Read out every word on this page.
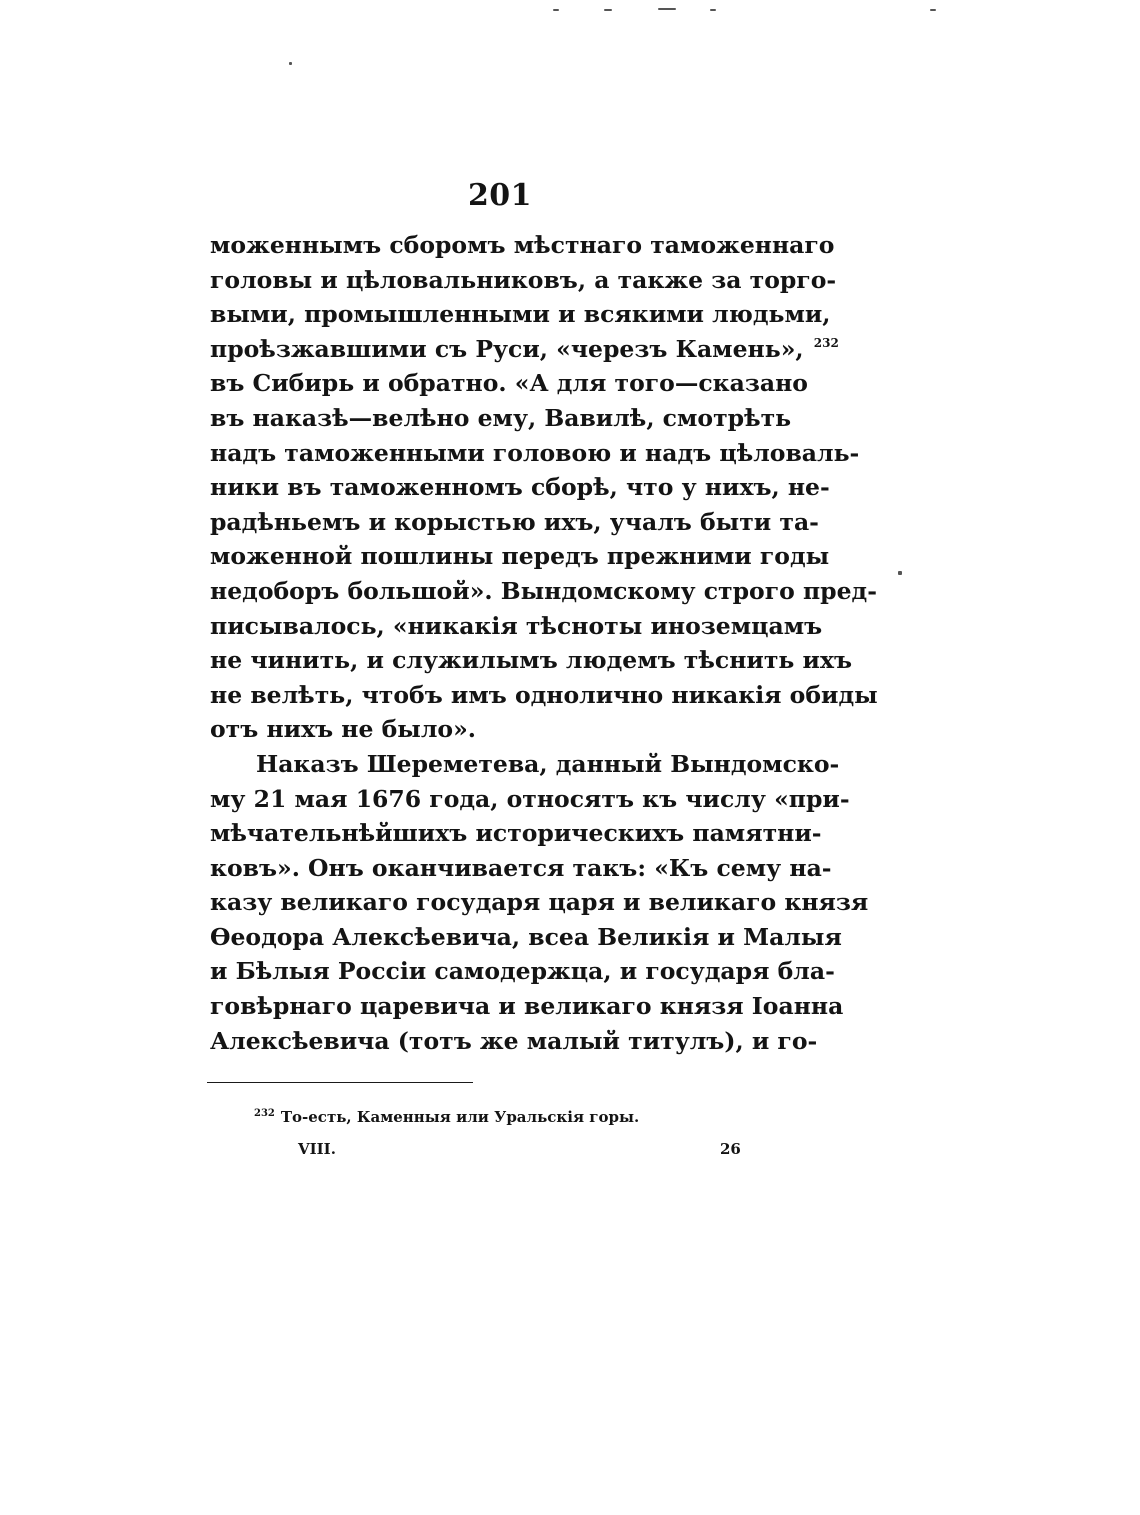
201
моженнымъ сборомъ мѣстнаго таможеннаго
головы и цѣловальниковъ, а также за торго-
выми, промышленными и всякими людьми,
проѣзжавшими съ Руси, «черезъ Камень», $^{232}$
въ Сибирь и обратно. «А для того—сказано
въ наказѣ—велѣно ему, Вавилѣ, смотрѣть
надъ таможенными головою и надъ цѣловаль-
ники въ таможенномъ сборѣ, что у нихъ, не-
радѣньемъ и корыстью ихъ, учалъ быти та-
моженной пошлины передъ прежними годы
недоборъ большой». Вындомскому строго пред-
писывалось, «никакія тѣсноты иноземцамъ
не чинить, и служилымъ людемъ тѣснить ихъ
не велѣть, чтобъ имъ однолично никакія обиды
отъ нихъ не было».
Наказъ Шереметева, данный Вындомско-
му 21 мая 1676 года, относятъ къ числу «при-
мѣчательнѣйшихъ историческихъ памятни-
ковъ». Онъ оканчивается такъ: «Къ сему на-
казу великаго государя царя и великаго князя
Ѳеодора Алексѣевича, всеа Великія и Малыя
и Бѣлыя Россіи самодержца, и государя бла-
говѣрнаго царевича и великаго князя Іоанна
Алексѣевича (тотъ же малый титулъ), и го-
$^{232}$ То-есть, Каменныя или Уральскія горы.
VIII.	26
